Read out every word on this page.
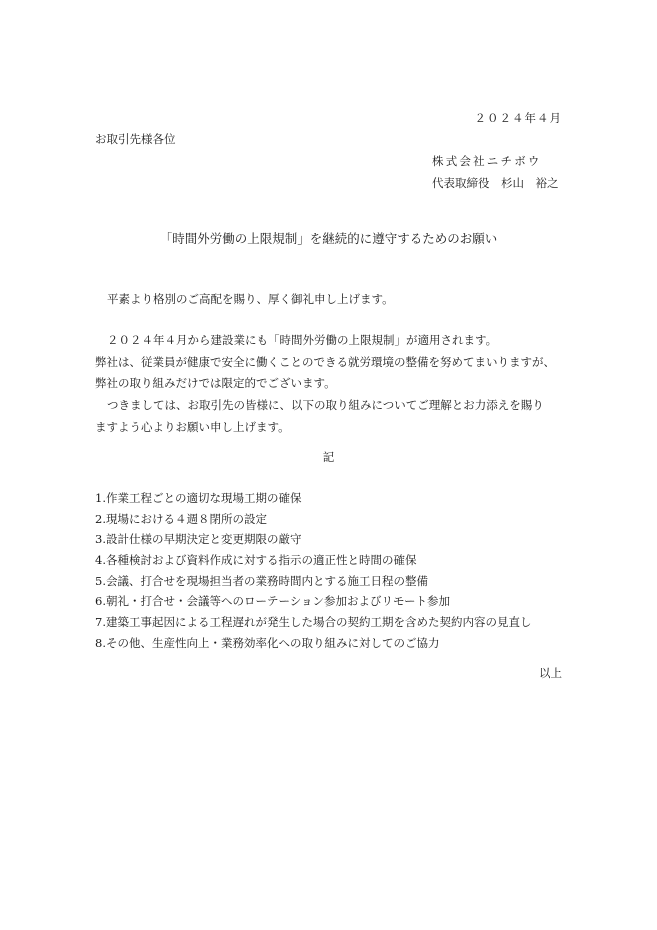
２０２４年４月
お取引先様各位
株式会社ニチボウ
代表取締役　杉山　裕之
「時間外労働の上限規制」を継続的に遵守するためのお願い
平素より格別のご高配を賜り、厚く御礼申し上げます。

２０２４年４月から建設業にも「時間外労働の上限規制」が適用されます。

弊社は、従業員が健康で安全に働くことのできる就労環境の整備を努めてまいりますが、

弊社の取り組みだけでは限定的でございます。

つきましては、お取引先の皆様に、以下の取り組みについてご理解とお力添えを賜り

ますよう心よりお願い申し上げます。

記
1.作業工程ごとの適切な現場工期の確保
2.現場における４週８閉所の設定
3.設計仕様の早期決定と変更期限の厳守
4.各種検討および資料作成に対する指示の適正性と時間の確保
5.会議、打合せを現場担当者の業務時間内とする施工日程の整備
6.朝礼・打合せ・会議等へのローテーション参加およびリモート参加
7.建築工事起因による工程遅れが発生した場合の契約工期を含めた契約内容の見直し
8.その他、生産性向上・業務効率化への取り組みに対してのご協力
以上
